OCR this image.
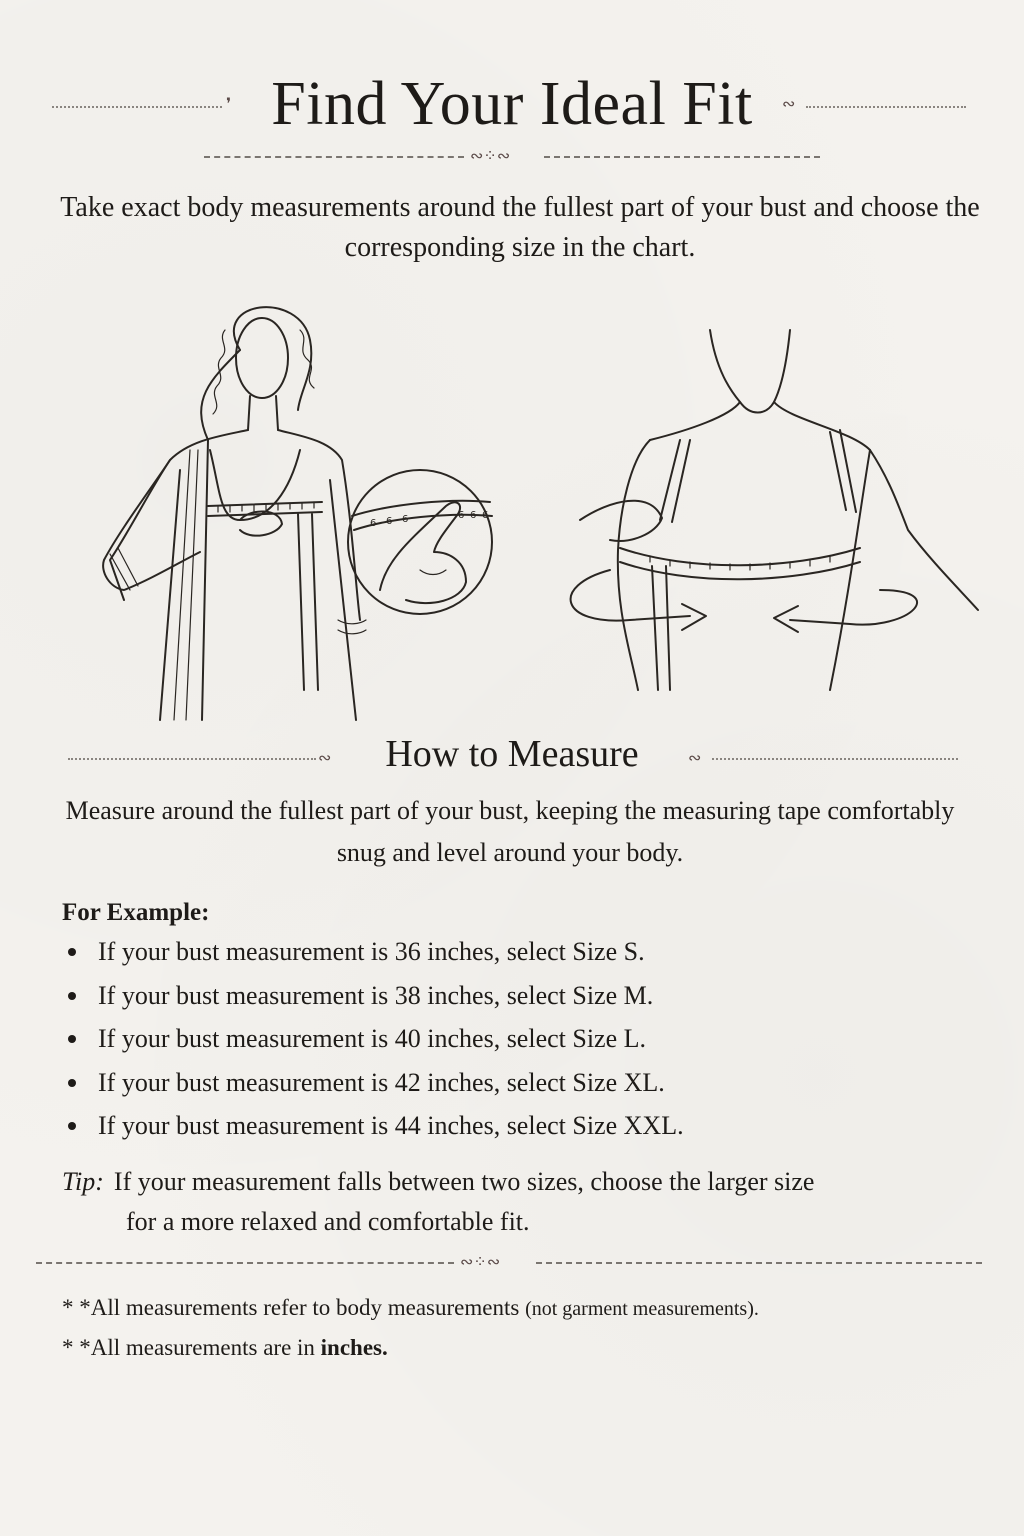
❜ Find Your Ideal Fit	∾
∾⁘∾
Take exact body measurements around the fullest part of your bust and choose the corresponding size in the chart.
6 6 6	6 6 6
∾	How to Measure	∾
Measure around the fullest part of your bust, keeping the measuring tape comfortably snug and level around your body.
For Example:
If your bust measurement is 36 inches, select Size S.
If your bust measurement is 38 inches, select Size M.
If your bust measurement is 40 inches, select Size L.
If your bust measurement is 42 inches, select Size XL.
If your bust measurement is 44 inches, select Size XXL.
Tip: If your measurement falls between two sizes, choose the larger size
for a more relaxed and comfortable fit.
∾⁘∾
* *All measurements refer to body measurements (not garment measurements).
* *All measurements are in inches.
